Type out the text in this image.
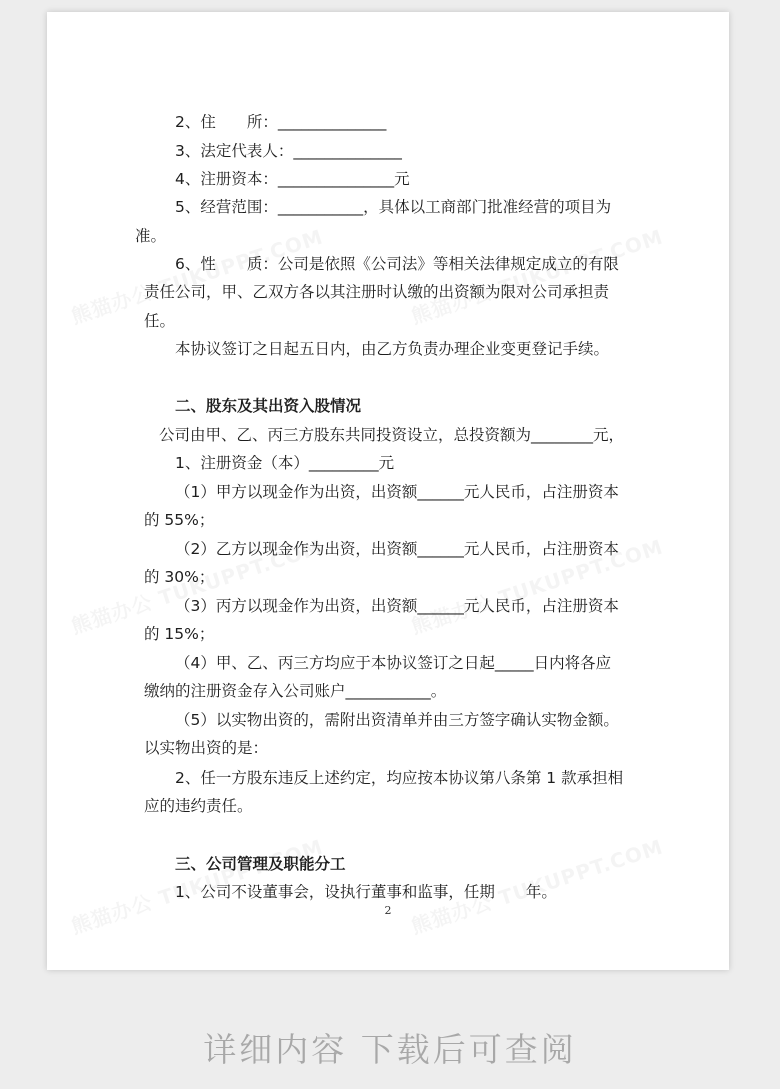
2、住　　所：______________
3、法定代表人：______________
4、注册资本：_______________元
5、经营范围：___________，具体以工商部门批准经营的项目为
准。
6、性　　质：公司是依照《公司法》等相关法律规定成立的有限
责任公司，甲、乙双方各以其注册时认缴的出资额为限对公司承担责
任。
本协议签订之日起五日内，由乙方负责办理企业变更登记手续。
二、股东及其出资入股情况
公司由甲、乙、丙三方股东共同投资设立，总投资额为________元，
1、注册资金（本）_________元
（1）甲方以现金作为出资，出资额______元人民币，占注册资本
的 55%；
（2）乙方以现金作为出资，出资额______元人民币，占注册资本
的 30%；
（3）丙方以现金作为出资，出资额______元人民币，占注册资本
的 15%；
（4）甲、乙、丙三方均应于本协议签订之日起_____日内将各应
缴纳的注册资金存入公司账户___________。
（5）以实物出资的，需附出资清单并由三方签字确认实物金额。
以实物出资的是：
2、任一方股东违反上述约定，均应按本协议第八条第 1 款承担相
应的违约责任。
三、公司管理及职能分工
1、公司不设董事会，设执行董事和监事，任期　　年。
2
详细内容 下载后可查阅
